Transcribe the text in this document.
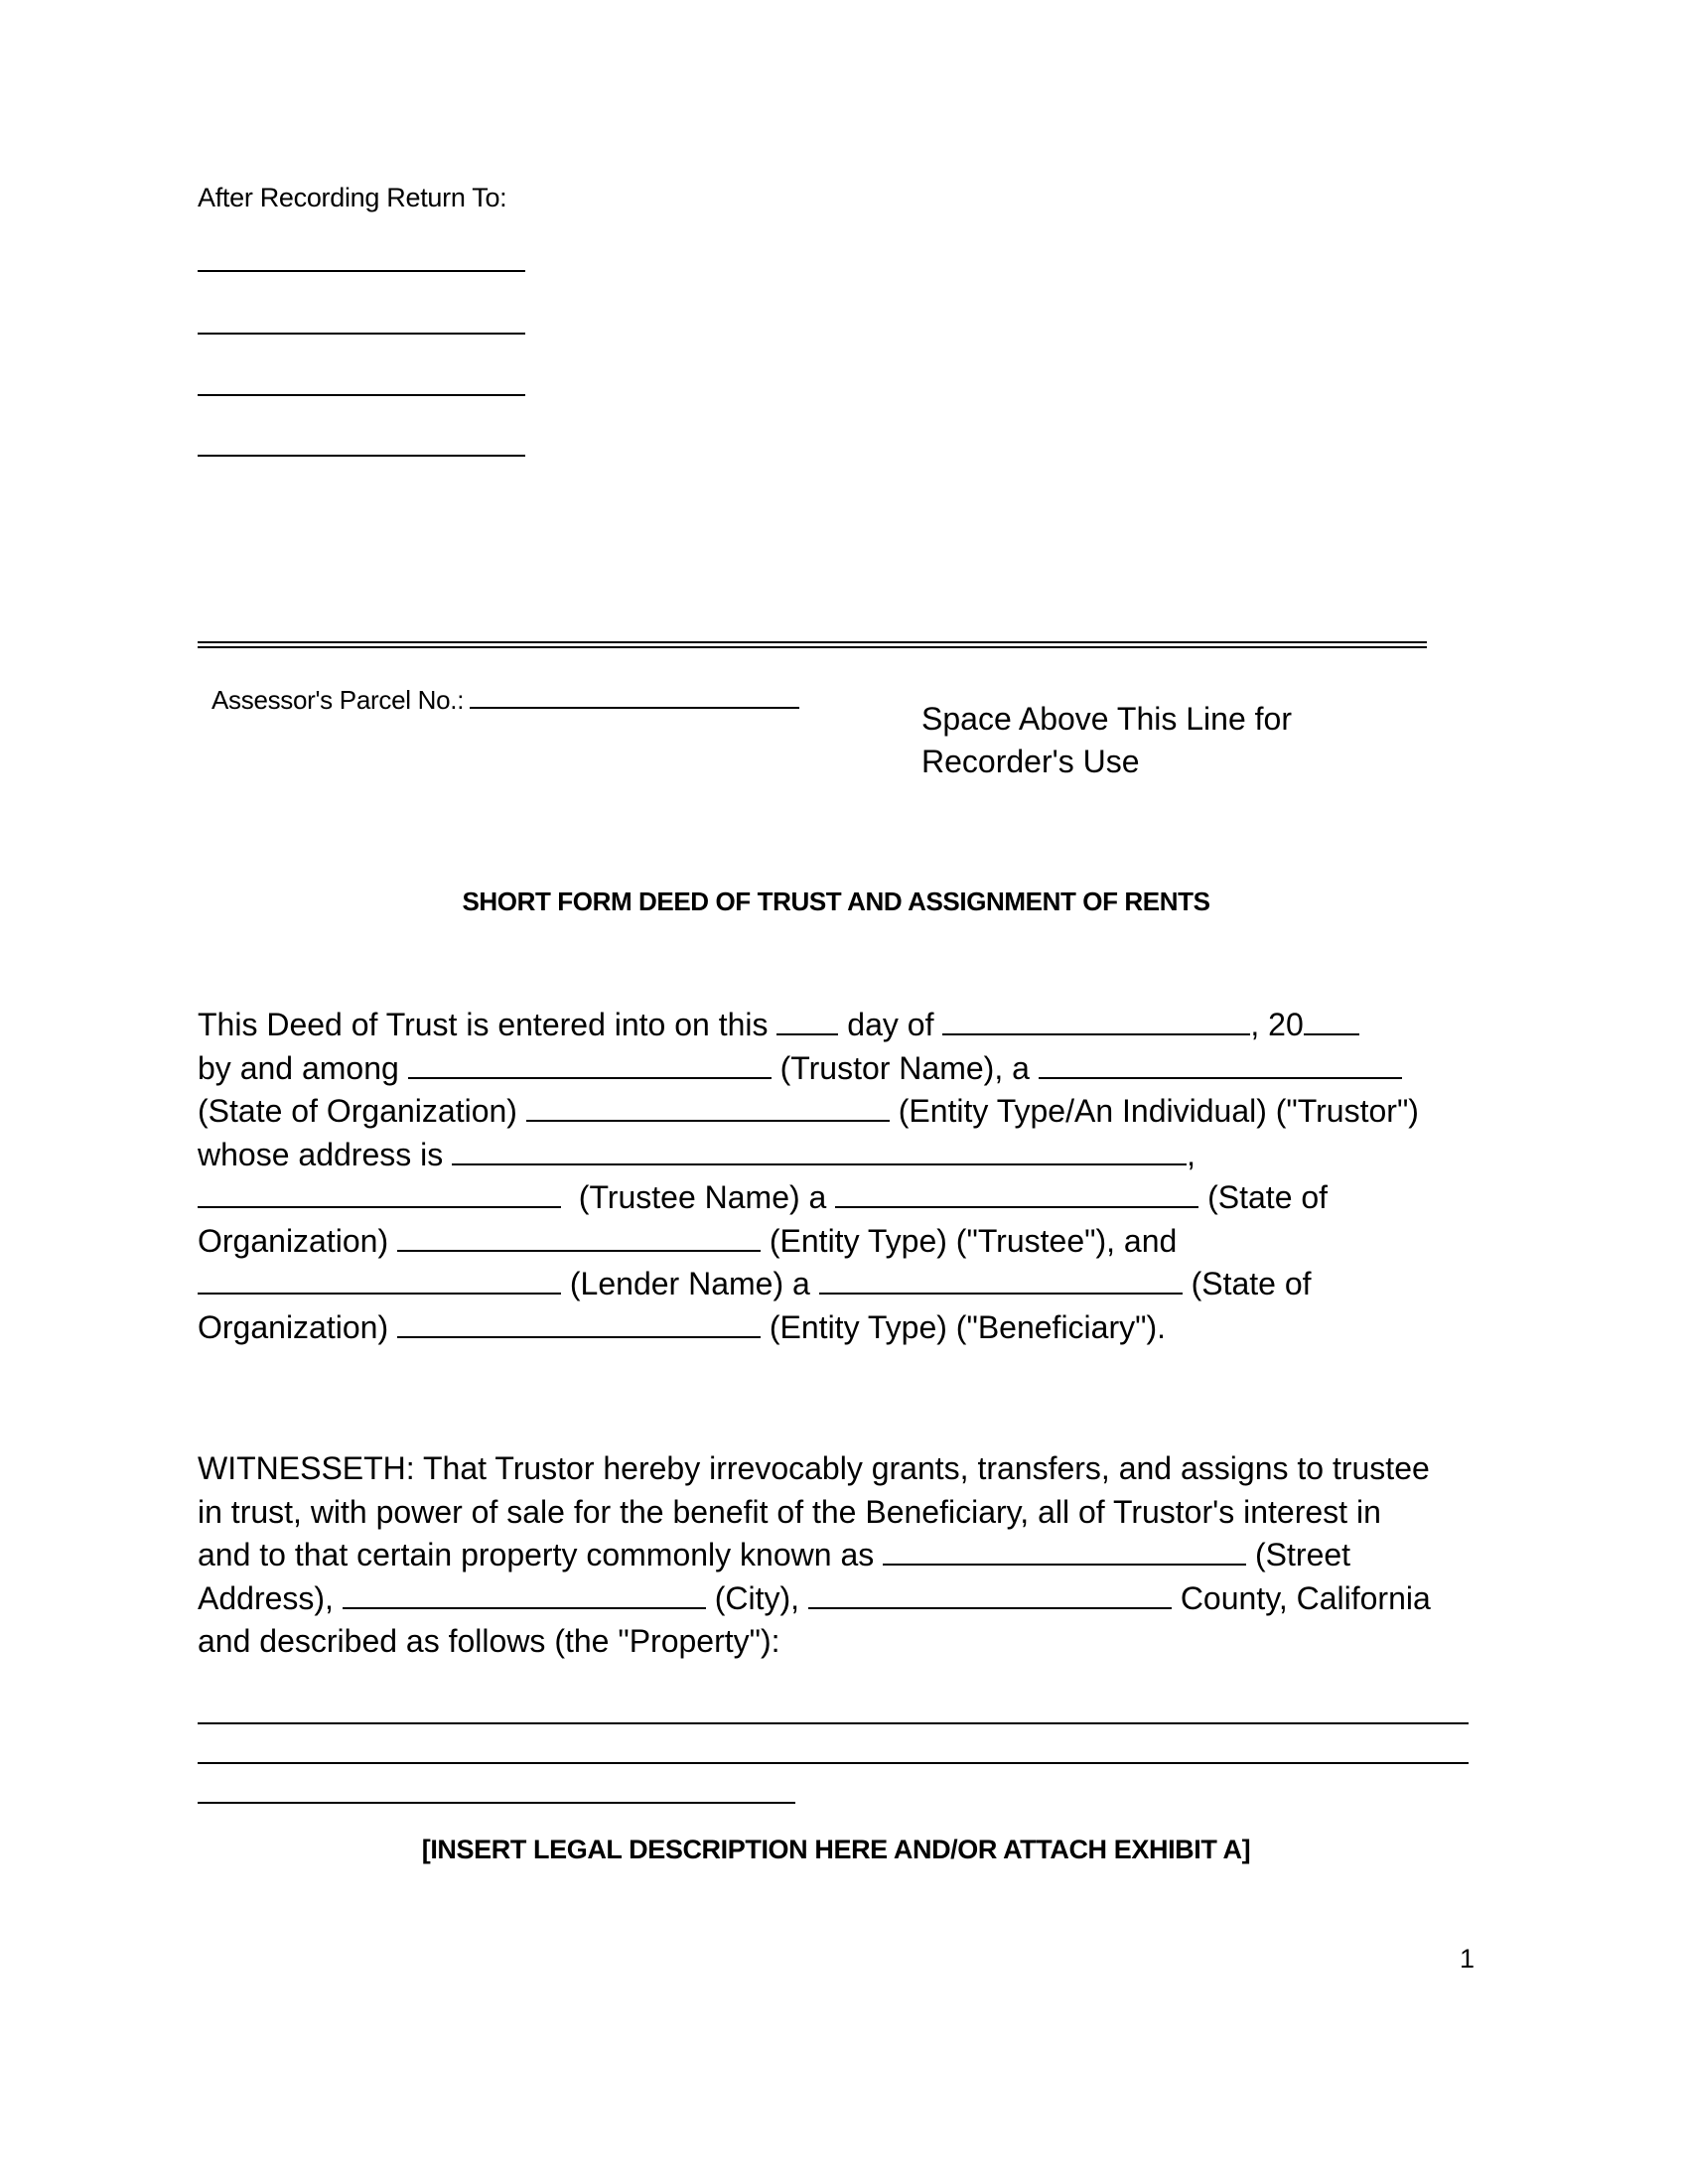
After Recording Return To:
Assessor's Parcel No.:
Space Above This Line for
Recorder's Use
SHORT FORM DEED OF TRUST AND ASSIGNMENT OF RENTS
This Deed of Trust is entered into on this day of	, 20
by and among	(Trustor Name), a
(State of Organization)	(Entity Type/An Individual) ("Trustor")
whose address is	,
(Trustee Name) a	(State of
Organization)	(Entity Type) ("Trustee"), and
(Lender Name) a	(State of
Organization)	(Entity Type) ("Beneficiary").
WITNESSETH: That Trustor hereby irrevocably grants, transfers, and assigns to trustee
in trust, with power of sale for the benefit of the Beneficiary, all of Trustor's interest in
and to that certain property commonly known as	(Street
Address),	(City),	County, California
and described as follows (the "Property"):
[INSERT LEGAL DESCRIPTION HERE AND/OR ATTACH EXHIBIT A]
1
